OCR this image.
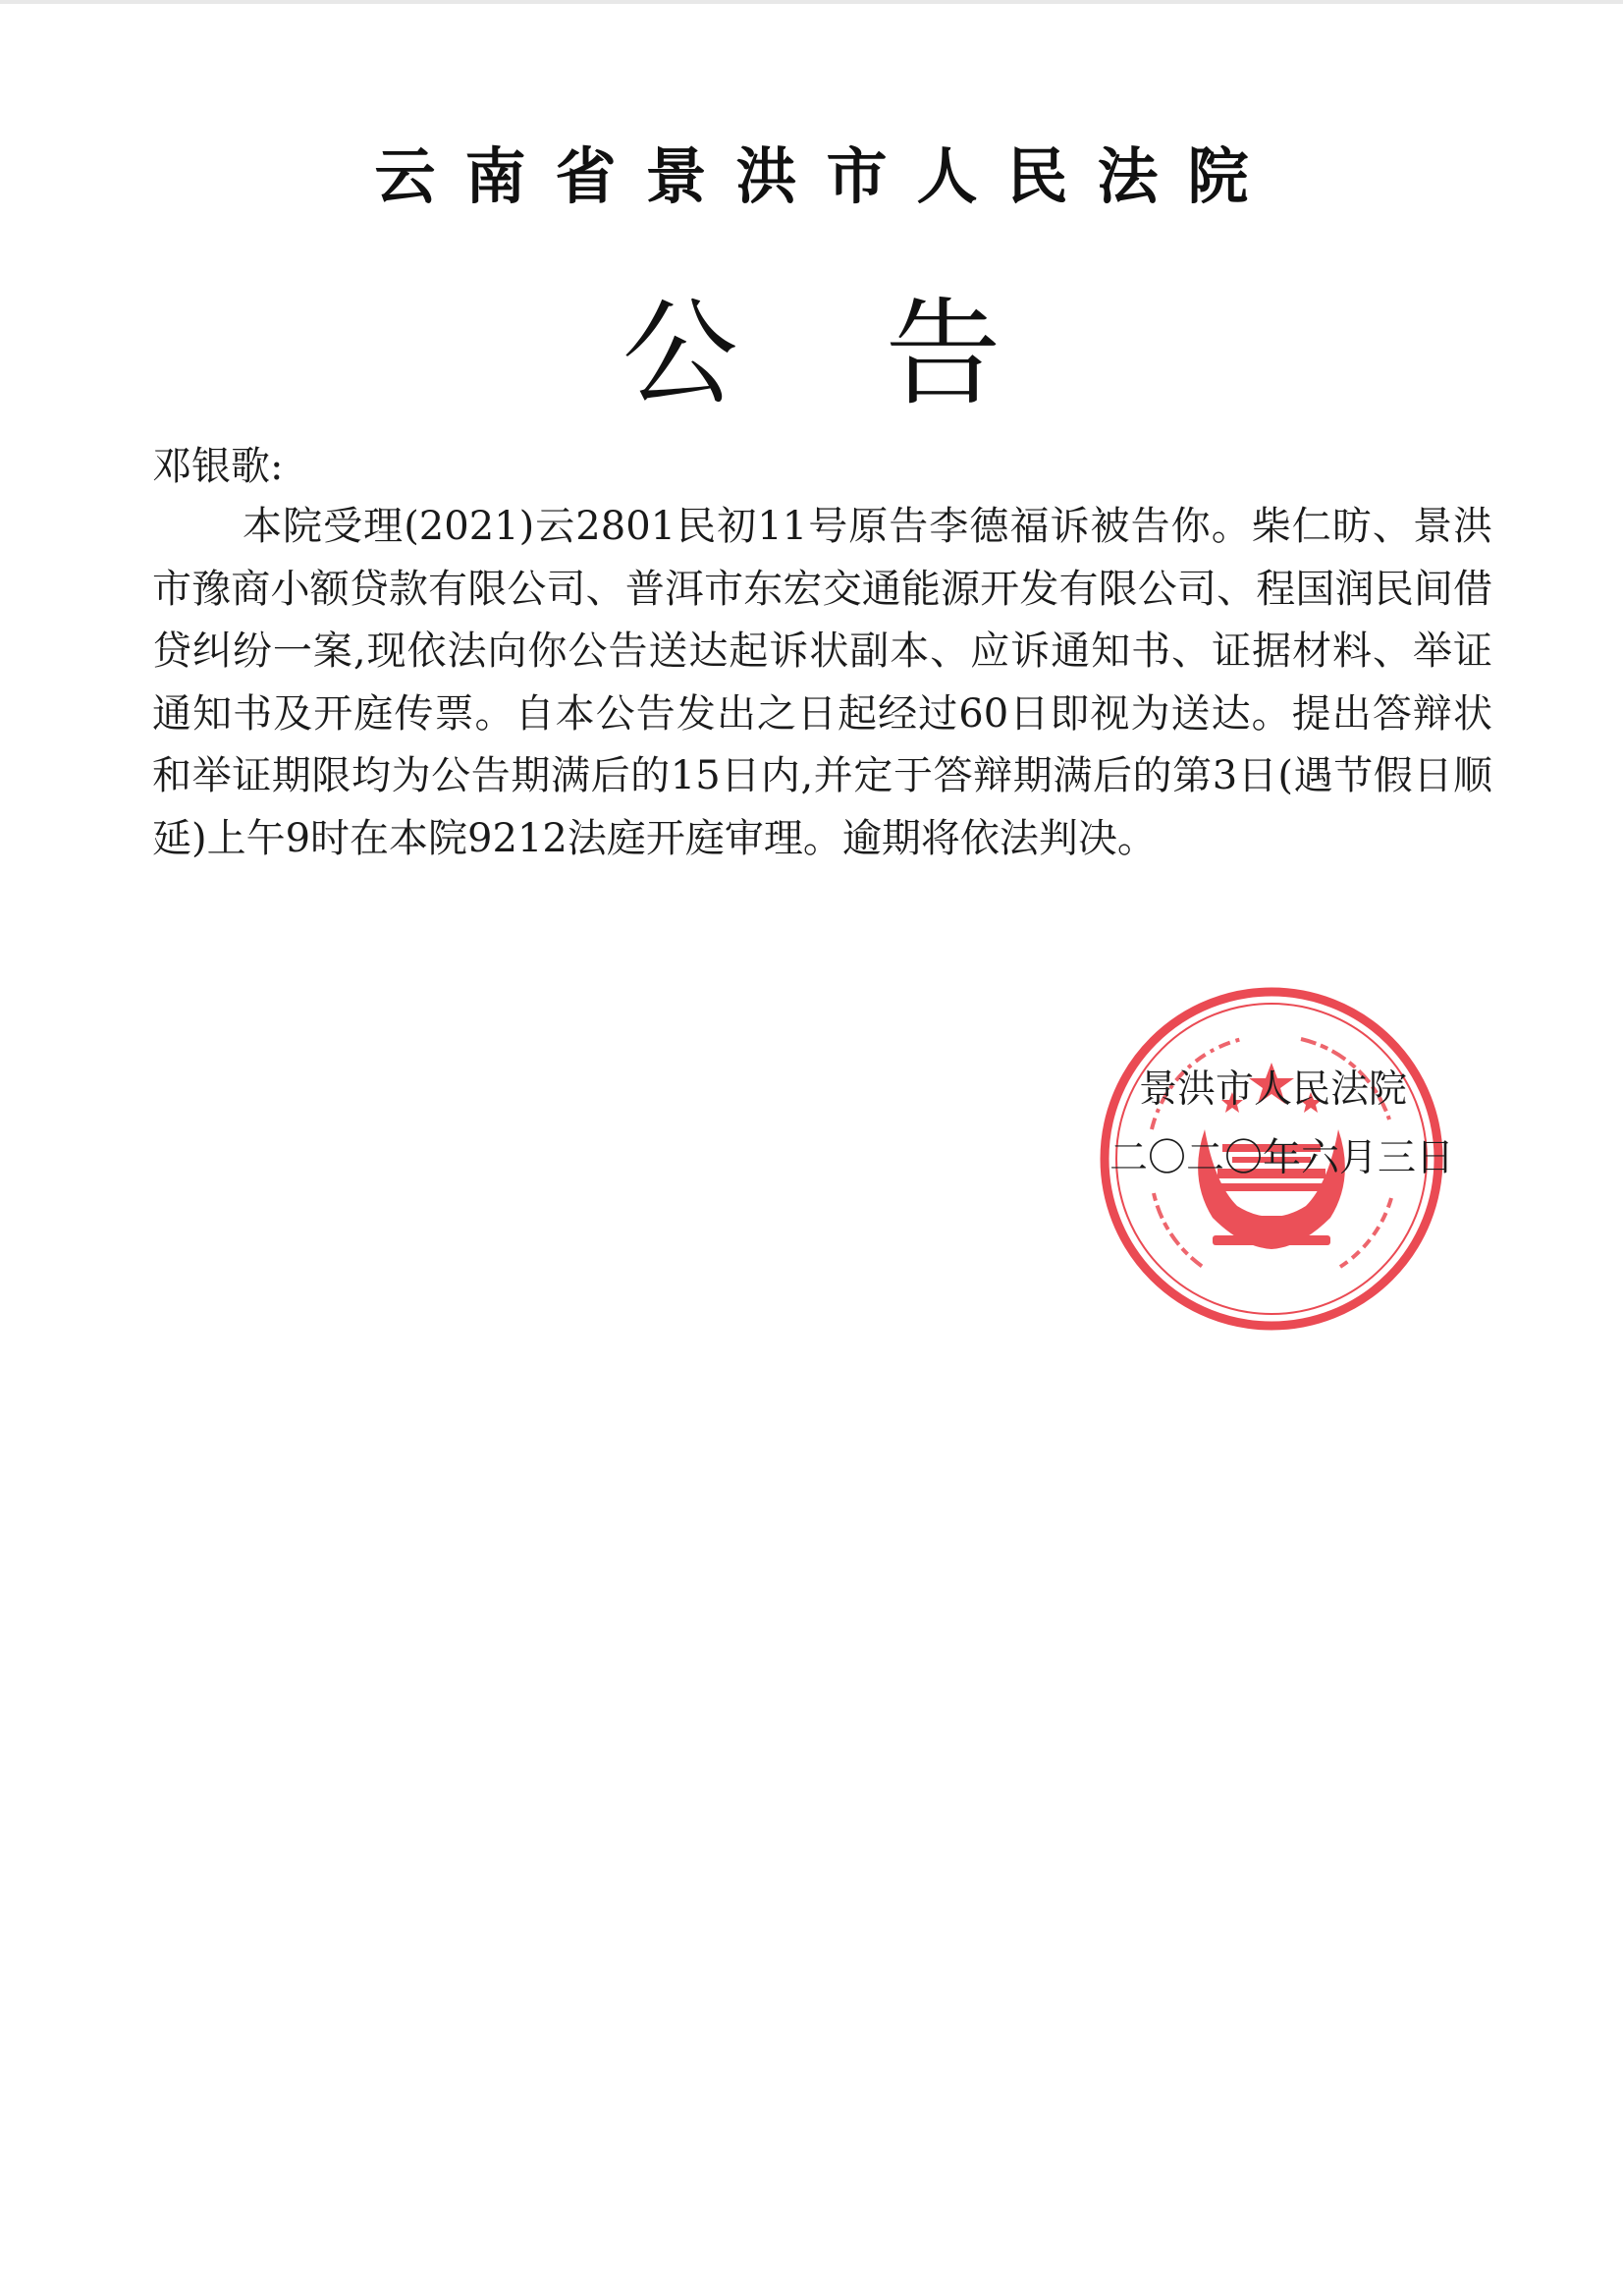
云南省景洪市人民法院
公告
邓银歌:
本院受理(2021)云2801民初11号原告李德福诉被告你。柴仁昉、景洪市豫商小额贷款有限公司、普洱市东宏交通能源开发有限公司、程国润民间借贷纠纷一案,现依法向你公告送达起诉状副本、应诉通知书、证据材料、举证通知书及开庭传票。自本公告发出之日起经过60日即视为送达。提出答辩状和举证期限均为公告期满后的15日内,并定于答辩期满后的第3日(遇节假日顺延)上午9时在本院9212法庭开庭审理。逾期将依法判决。
景洪市人民法院
二〇二〇年六月三日
